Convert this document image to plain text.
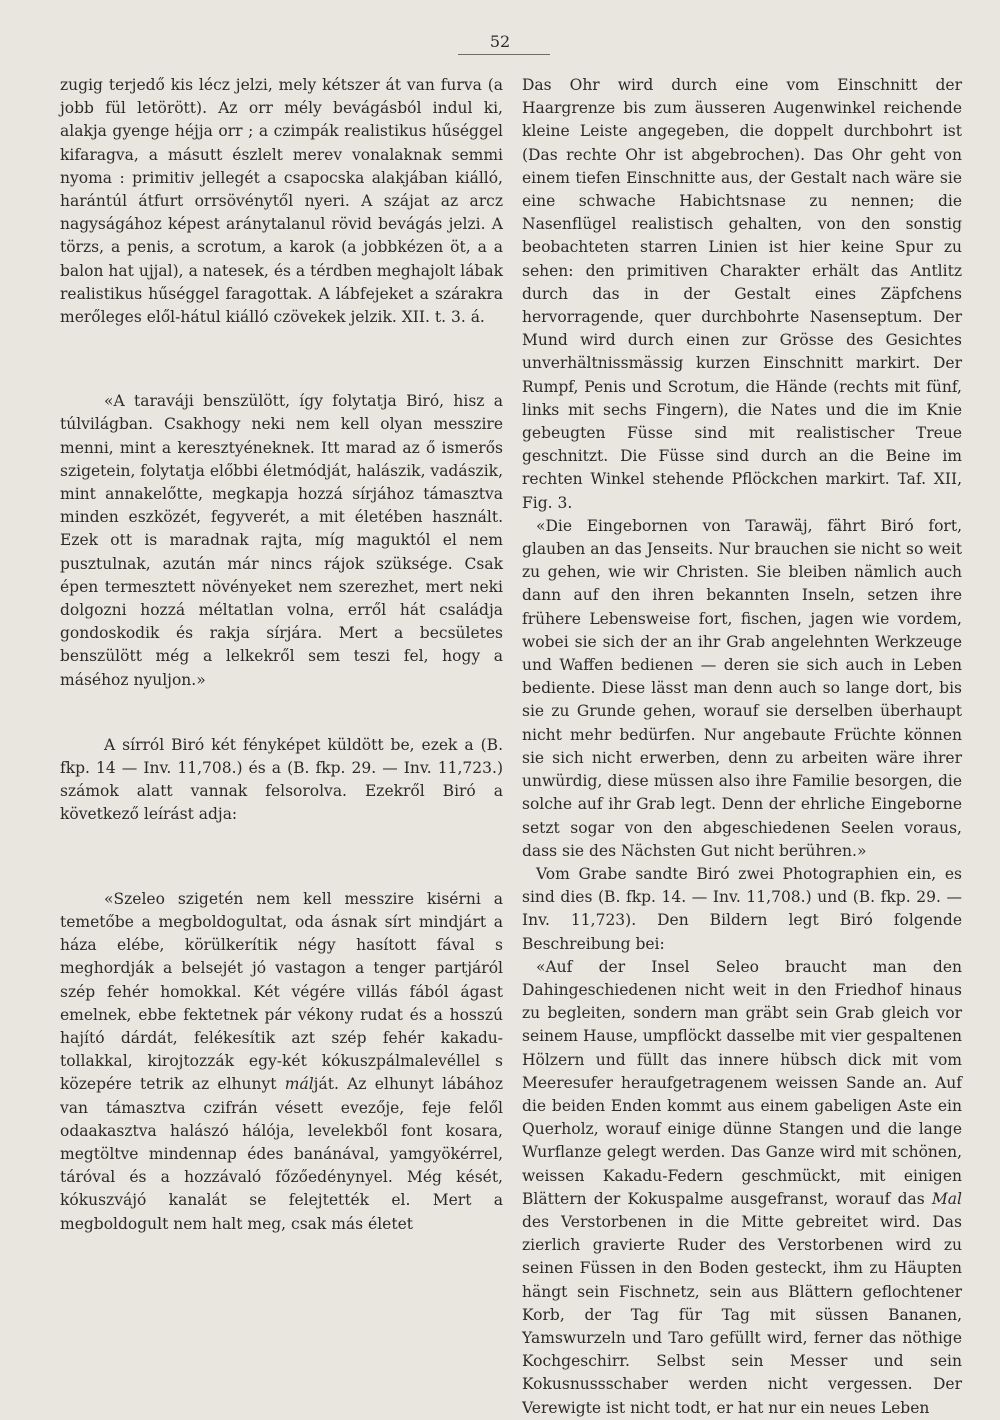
52

zugig terjedő kis lécz jelzi, mely kétszer át van furva (a jobb fül letörött). Az orr mély bevágásból indul ki, alakja gyenge héjja orr ; a czimpák realistikus hűséggel kifaragva, a másutt észlelt merev vonalaknak semmi nyoma : primitiv jellegét a csapocska alakjában kiálló, harántúl átfurt orrsövénytől nyeri. A szájat az arcz nagyságához képest aránytalanul rövid bevágás jelzi. A törzs, a penis, a scrotum, a karok (a jobbkézen öt, a a balon hat ujjal), a natesek, és a térdben meghajolt lábak realistikus hűséggel faragottak. A lábfejeket a szárakra merőleges elől-hátul kiálló czövekek jelzik. XII. t. 3. á.

«A taraváji benszülött, így folytatja Biró, hisz a túlvilágban. Csakhogy neki nem kell olyan messzire menni, mint a keresztyéneknek. Itt marad az ő ismerős szigetein, folytatja előbbi életmódját, halászik, vadászik, mint annakelőtte, megkapja hozzá sírjához támasztva minden eszközét, fegyverét, a mit életében használt. Ezek ott is maradnak rajta, míg maguktól el nem pusztulnak, azután már nincs rájok szüksége. Csak épen termesztett növényeket nem szerezhet, mert neki dolgozni hozzá méltatlan volna, erről hát családja gondoskodik és rakja sírjára. Mert a becsületes benszülött még a lelkekről sem teszi fel, hogy a máséhoz nyuljon.»

A sírról Biró két fényképet küldött be, ezek a (B. fkp. 14 — Inv. 11,708.) és a (B. fkp. 29. — Inv. 11,723.) számok alatt vannak felsorolva. Ezekről Biró a következő leírást adja:

«Szeleo szigetén nem kell messzire kisérni a temetőbe a megboldogultat, oda ásnak sírt mindjárt a háza elébe, körülkerítik négy hasított fával s meghordják a belsejét jó vastagon a tenger partjáról szép fehér homokkal. Két végére villás fából ágast emelnek, ebbe fektetnek pár vékony rudat és a hosszú hajító dárdát, felékesítik azt szép fehér kakadu-tollakkal, kirojtozzák egy-két kókuszpálmalevéllel s közepére tetrik az elhunyt málját. Az elhunyt lábához van támasztva czifrán vésett evezője, feje felől odaakasztva halászó hálója, levelekből font kosara, megtöltve mindennap édes banánával, yamgyökérrel, táróval és a hozzávaló főzőedénynyel. Még kését, kókuszvájó kanalát se felejtették el. Mert a megboldogult nem halt meg, csak más életet

Das Ohr wird durch eine vom Einschnitt der Haargrenze bis zum äusseren Augenwinkel reichende kleine Leiste angegeben, die doppelt durchbohrt ist (Das rechte Ohr ist abgebrochen). Das Ohr geht von einem tiefen Einschnitte aus, der Gestalt nach wäre sie eine schwache Habichtsnase zu nennen; die Nasenflügel realistisch gehalten, von den sonstig beobachteten starren Linien ist hier keine Spur zu sehen: den primitiven Charakter erhält das Antlitz durch das in der Gestalt eines Zäpfchens hervorragende, quer durchbohrte Nasenseptum. Der Mund wird durch einen zur Grösse des Gesichtes unverhältnissmässig kurzen Einschnitt markirt. Der Rumpf, Penis und Scrotum, die Hände (rechts mit fünf, links mit sechs Fingern), die Nates und die im Knie gebeugten Füsse sind mit realistischer Treue geschnitzt. Die Füsse sind durch an die Beine im rechten Winkel stehende Pflöckchen markirt. Taf. XII, Fig. 3.

«Die Eingebornen von Tarawäj, fährt Biró fort, glauben an das Jenseits. Nur brauchen sie nicht so weit zu gehen, wie wir Christen. Sie bleiben nämlich auch dann auf den ihren bekannten Inseln, setzen ihre frühere Lebensweise fort, fischen, jagen wie vordem, wobei sie sich der an ihr Grab angelehnten Werkzeuge und Waffen bedienen — deren sie sich auch in Leben bediente. Diese lässt man denn auch so lange dort, bis sie zu Grunde gehen, worauf sie derselben überhaupt nicht mehr bedürfen. Nur angebaute Früchte können sie sich nicht erwerben, denn zu arbeiten wäre ihrer unwürdig, diese müssen also ihre Familie besorgen, die solche auf ihr Grab legt. Denn der ehrliche Eingeborne setzt sogar von den abgeschiedenen Seelen voraus, dass sie des Nächsten Gut nicht berühren.»

Vom Grabe sandte Biró zwei Photographien ein, es sind dies (B. fkp. 14. — Inv. 11,708.) und (B. fkp. 29. — Inv. 11,723). Den Bildern legt Biró folgende Beschreibung bei:

«Auf der Insel Seleo braucht man den Dahingeschiedenen nicht weit in den Friedhof hinaus zu begleiten, sondern man gräbt sein Grab gleich vor seinem Hause, umpflöckt dasselbe mit vier gespaltenen Hölzern und füllt das innere hübsch dick mit vom Meeresufer heraufgetragenem weissen Sande an. Auf die beiden Enden kommt aus einem gabeligen Aste ein Querholz, worauf einige dünne Stangen und die lange Wurflanze gelegt werden. Das Ganze wird mit schönen, weissen Kakadu-Federn geschmückt, mit einigen Blättern der Kokuspalme ausgefranst, worauf das Mal des Verstorbenen in die Mitte gebreitet wird. Das zierlich gravierte Ruder des Verstorbenen wird zu seinen Füssen in den Boden gesteckt, ihm zu Häupten hängt sein Fischnetz, sein aus Blättern geflochtener Korb, der Tag für Tag mit süssen Bananen, Yamswurzeln und Taro gefüllt wird, ferner das nöthige Kochgeschirr. Selbst sein Messer und sein Kokusnussschaber werden nicht vergessen. Der Verewigte ist nicht todt, er hat nur ein neues Leben
